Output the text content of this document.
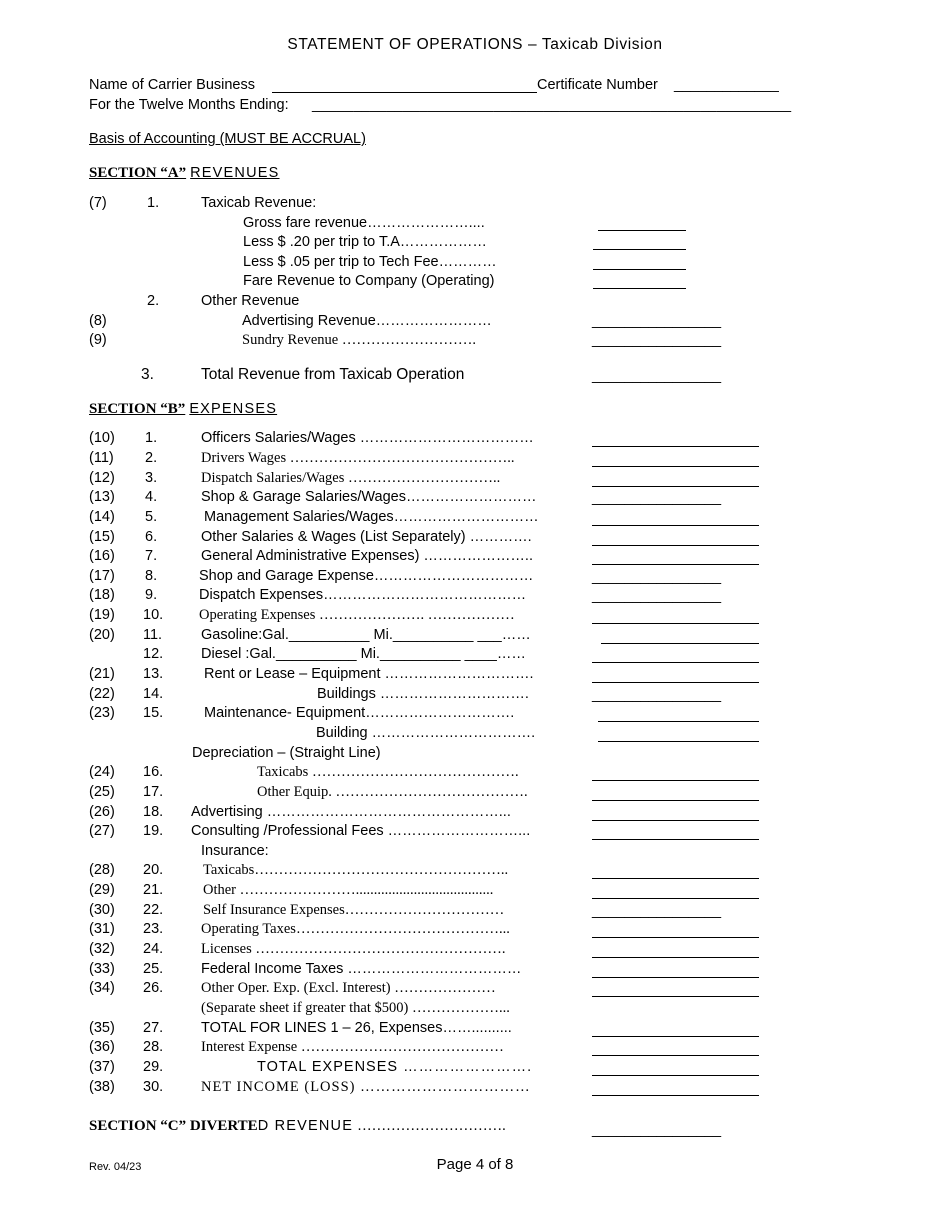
STATEMENT OF OPERATIONS – Taxicab Division
Name of Carrier Business	Certificate Number _____________
For the Twelve Months Ending: __________________________________________________________
Basis of Accounting (MUST BE ACCRUAL)
SECTION “A” REVENUES
(7)	1.	Taxicab Revenue:
Gross fare revenue…………………....
Less $ .20 per trip to T.A………………
Less $ .05 per trip to Tech Fee…………
Fare Revenue to Company (Operating)
2.	Other Revenue
(8)	Advertising Revenue……………………	________________
(9)	Sundry Revenue ……………………….	________________
3.	Total Revenue from Taxicab Operation	________________
SECTION “B” EXPENSES
(10) 1.	Officers Salaries/Wages ………………………………
(11) 2.	Drivers Wages ………………………………………..
(12) 3.	Dispatch Salaries/Wages …………………………..
(13) 4.	Shop & Garage Salaries/Wages………………………	________________
(14) 5.	Management Salaries/Wages…………………………
(15) 6.	Other Salaries & Wages (List Separately) ………….
(16) 7.	General Administrative Expenses) …………………..
(17) 8.	Shop and Garage Expense……………………………	________________
(18) 9.	Dispatch Expenses……………………………………	________________
(19) 10. Operating Expenses …………………. ………………
(20) 11.	Gasoline:Gal.__________ Mi.__________ ___……
12.	Diesel :Gal.__________ Mi.__________ ____……
(21) 13.	Rent or Lease – Equipment ………………………….
(22) 14.	Buildings ………………………….	________________
(23) 15.	Maintenance- Equipment………………………….
Building …………………………….
Depreciation – (Straight Line)
(24) 16.	Taxicabs …………………………………….
(25) 17.	Other Equip. ………………………………….
(26) 18. Advertising …………………………………………...
(27) 19. Consulting /Professional Fees ………………………...
Insurance:
(28) 20.	Taxicabs……………………………………………..
(29) 21.	Other ……………………......................................
(30) 22.	Self Insurance Expenses……………………………	________________
(31) 23.	Operating Taxes……………………………………...
(32) 24.	Licenses …………………………………………….
(33) 25.	Federal Income Taxes ………………………………
(34) 26.	Other Oper. Exp. (Excl. Interest) …………………
(Separate sheet if greater that $500) ………………...
(35) 27.	TOTAL FOR LINES 1 – 26, Expenses……..........
(36) 28.	Interest Expense ……………………………………
(37) 29.	TOTAL EXPENSES …………………….
(38) 30.	NET INCOME (LOSS) ……………………………
SECTION “C” DIVERTED REVENUE ………………………….	________________
Rev. 04/23	Page 4 of 8
